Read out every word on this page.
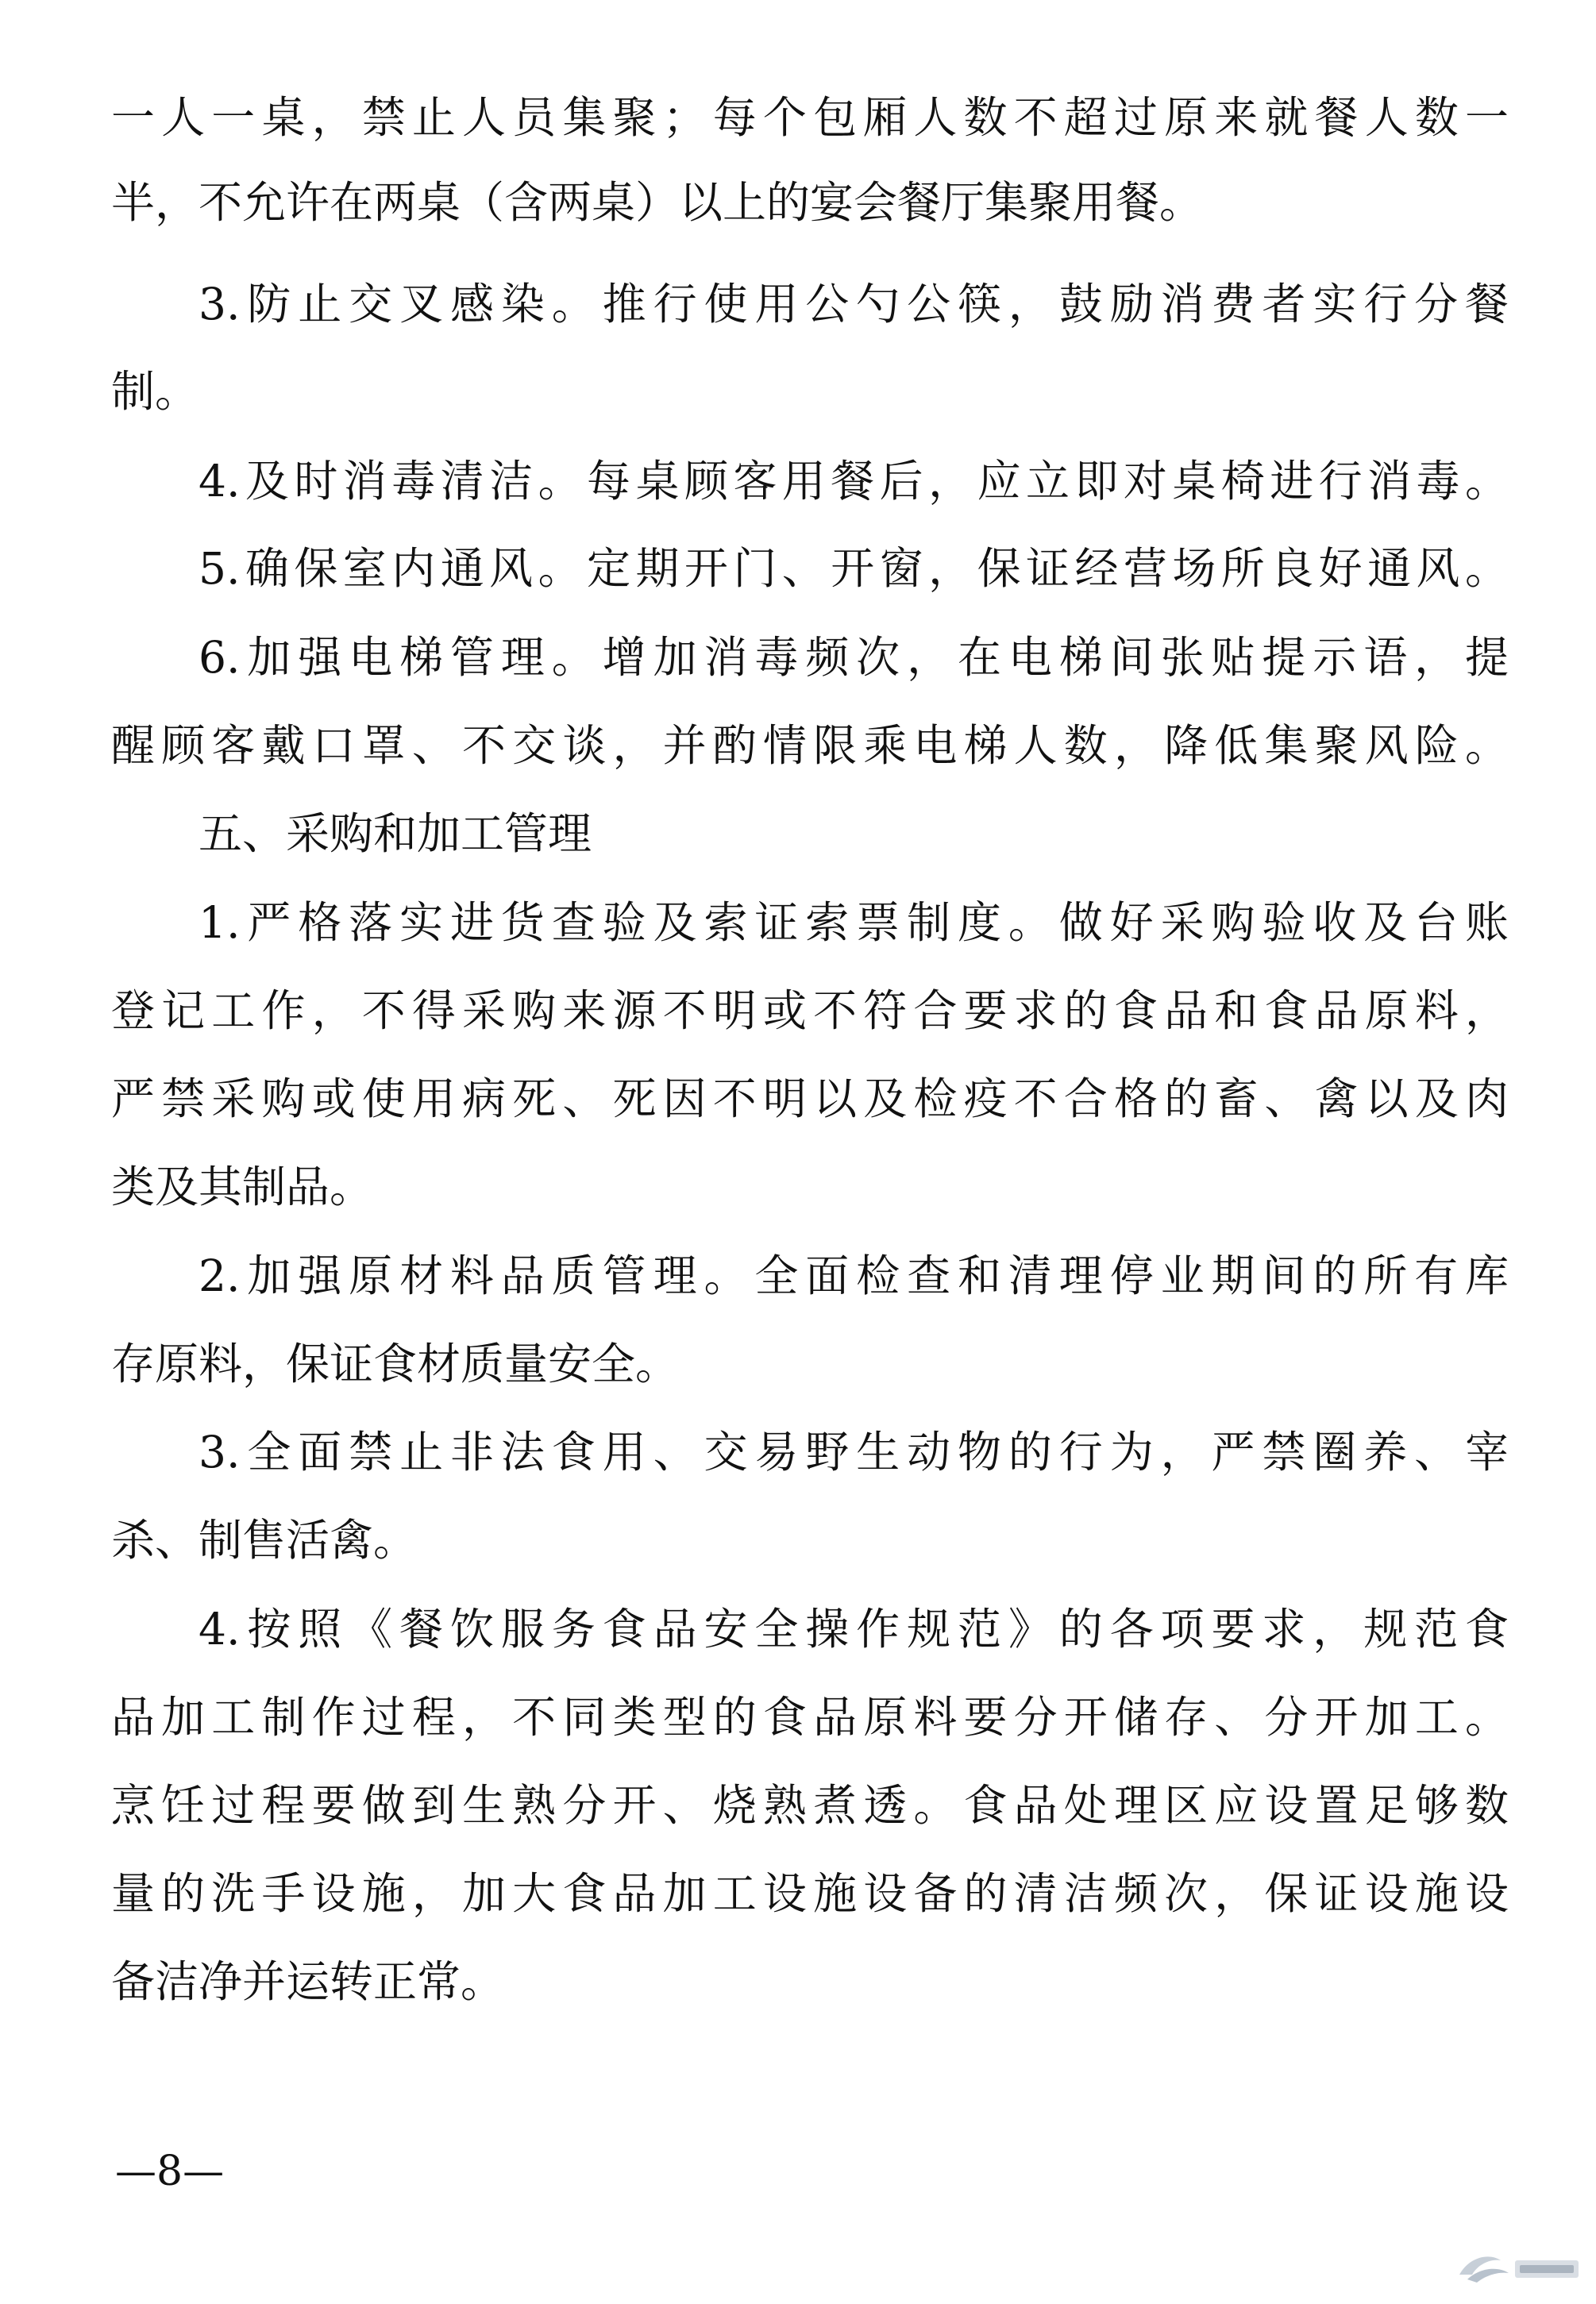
一人一桌，禁止人员集聚；每个包厢人数不超过原来就餐人数一
半，不允许在两桌（含两桌）以上的宴会餐厅集聚用餐。
3.防止交叉感染。推行使用公勺公筷，鼓励消费者实行分餐
制。
4.及时消毒清洁。每桌顾客用餐后，应立即对桌椅进行消毒。
5.确保室内通风。定期开门、开窗，保证经营场所良好通风。
6.加强电梯管理。增加消毒频次，在电梯间张贴提示语，提
醒顾客戴口罩、不交谈，并酌情限乘电梯人数，降低集聚风险。
五、采购和加工管理
1.严格落实进货查验及索证索票制度。做好采购验收及台账
登记工作，不得采购来源不明或不符合要求的食品和食品原料，
严禁采购或使用病死、死因不明以及检疫不合格的畜、禽以及肉
类及其制品。
2.加强原材料品质管理。全面检查和清理停业期间的所有库
存原料，保证食材质量安全。
3.全面禁止非法食用、交易野生动物的行为，严禁圈养、宰
杀、制售活禽。
4.按照《餐饮服务食品安全操作规范》的各项要求，规范食
品加工制作过程，不同类型的食品原料要分开储存、分开加工。
烹饪过程要做到生熟分开、烧熟煮透。食品处理区应设置足够数
量的洗手设施，加大食品加工设施设备的清洁频次，保证设施设
备洁净并运转正常。
—8—
